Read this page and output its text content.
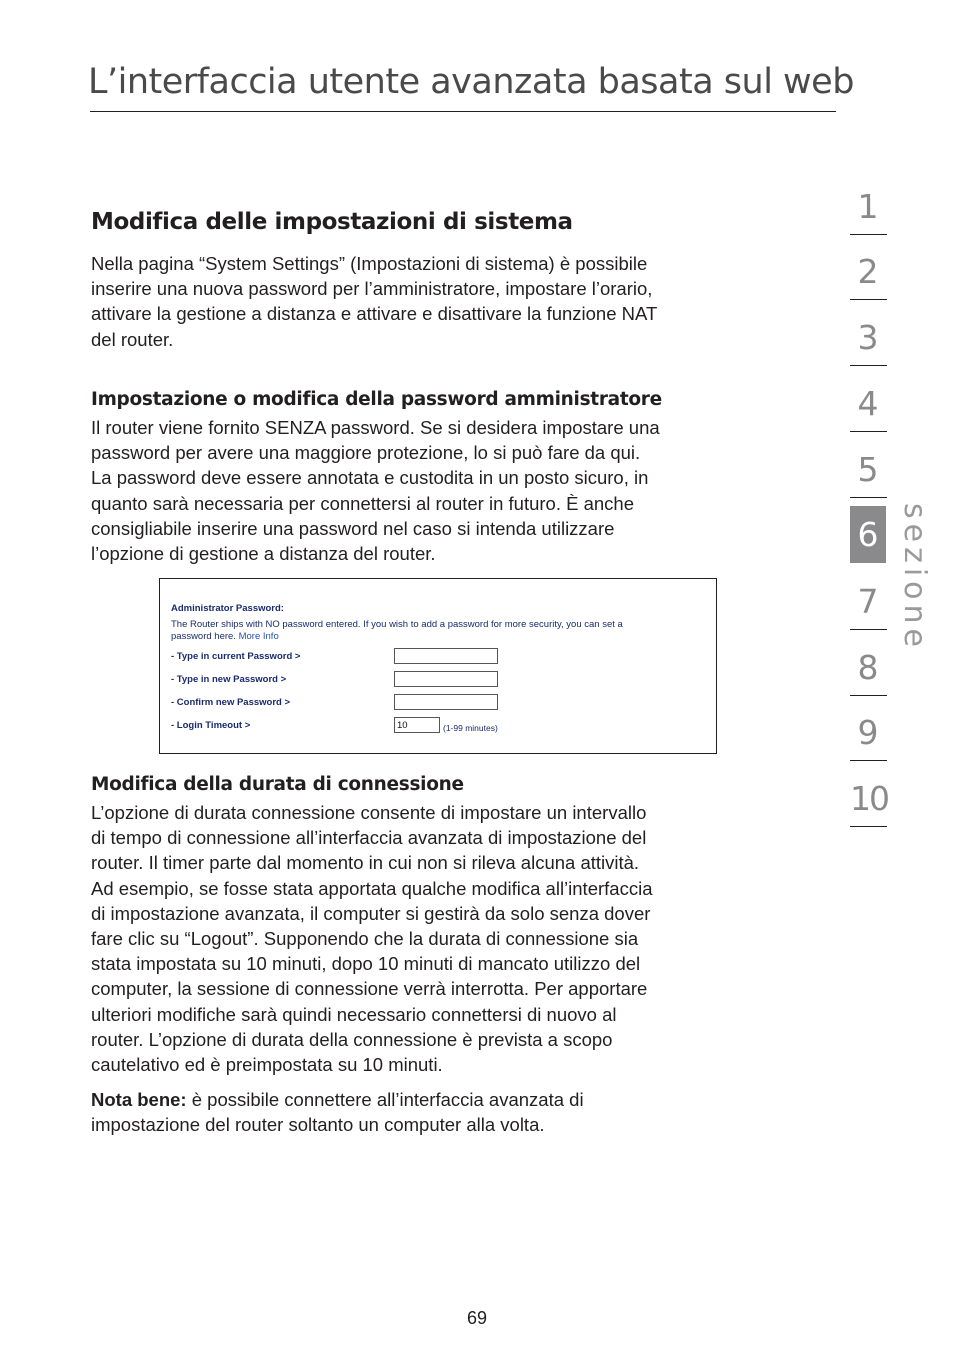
L’interfaccia utente avanzata basata sul web
Modifica delle impostazioni di sistema

Nella pagina “System Settings” (Impostazioni di sistema) è possibile
inserire una nuova password per l’amministratore, impostare l’orario,
attivare la gestione a distanza e attivare e disattivare la funzione NAT
del router.

Impostazione o modifica della password amministratore

Il router viene fornito SENZA password. Se si desidera impostare una
password per avere una maggiore protezione, lo si può fare da qui.
La password deve essere annotata e custodita in un posto sicuro, in
quanto sarà necessaria per connettersi al router in futuro. È anche
consigliabile inserire una password nel caso si intenda utilizzare
l’opzione di gestione a distanza del router.

Administrator Password:
The Router ships with NO password entered. If you wish to add a password for more security, you can set a
password here. More Info
- Type in current Password >
- Type in new Password >
- Confirm new Password >
- Login Timeout >
10	(1-99 minutes)
Modifica della durata di connessione

L’opzione di durata connessione consente di impostare un intervallo
di tempo di connessione all’interfaccia avanzata di impostazione del
router. Il timer parte dal momento in cui non si rileva alcuna attività.
Ad esempio, se fosse stata apportata qualche modifica all’interfaccia
di impostazione avanzata, il computer si gestirà da solo senza dover
fare clic su “Logout”. Supponendo che la durata di connessione sia
stata impostata su 10 minuti, dopo 10 minuti di mancato utilizzo del
computer, la sessione di connessione verrà interrotta. Per apportare
ulteriori modifiche sarà quindi necessario connettersi di nuovo al
router. L’opzione di durata della connessione è prevista a scopo
cautelativo ed è preimpostata su 10 minuti.

Nota bene: è possibile connettere all’interfaccia avanzata di
impostazione del router soltanto un computer alla volta.

1
2
3
4
5
6
7
8
9
10
sezione
69
